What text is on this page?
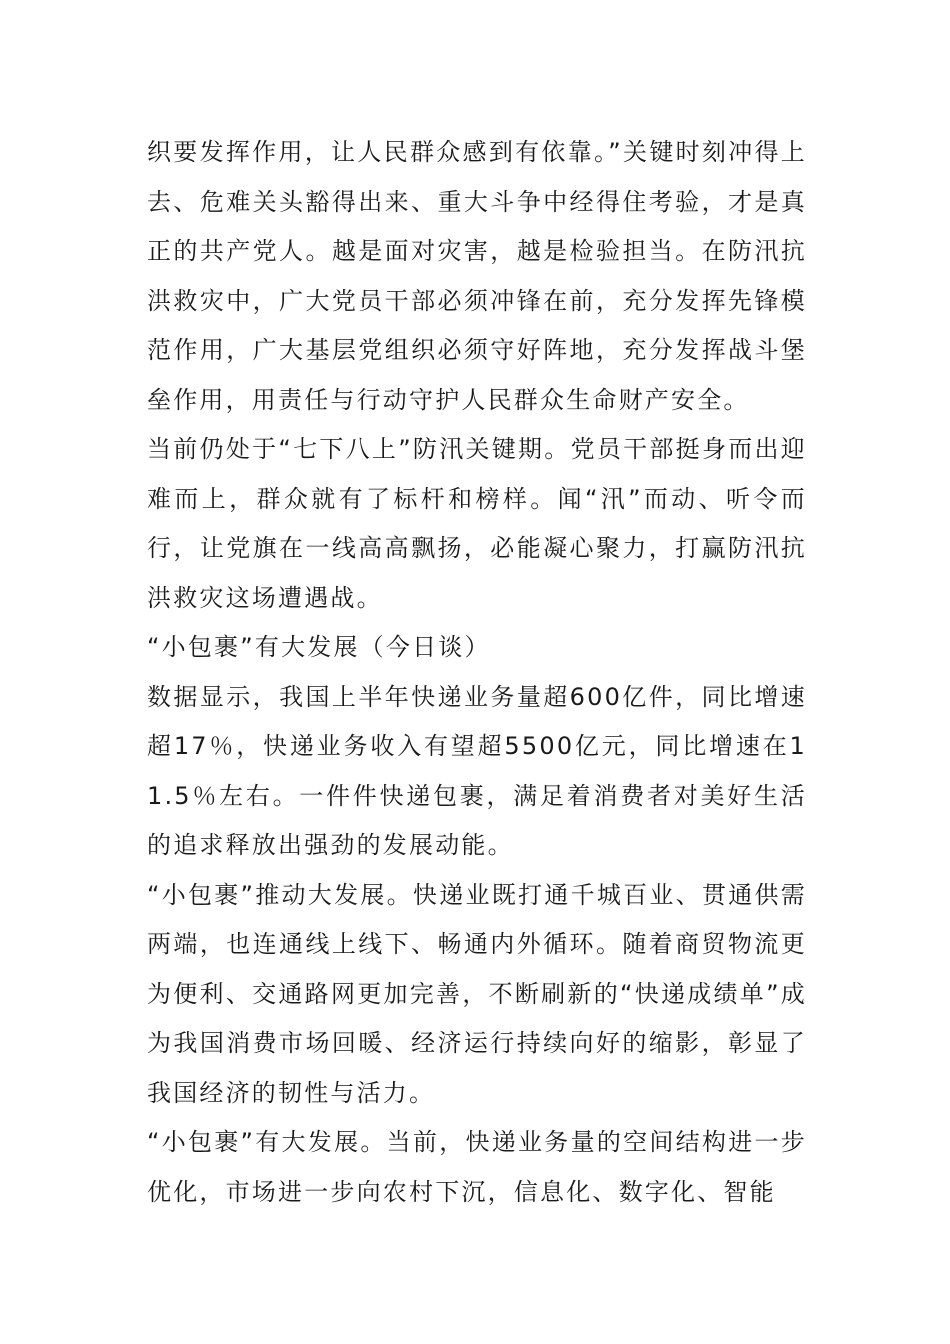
织要发挥作用，让人民群众感到有依靠。”关键时刻冲得上去、危难关头豁得出来、重大斗争中经得住考验，才是真正的共产党人。越是面对灾害，越是检验担当。在防汛抗洪救灾中，广大党员干部必须冲锋在前，充分发挥先锋模范作用，广大基层党组织必须守好阵地，充分发挥战斗堡垒作用，用责任与行动守护人民群众生命财产安全。

当前仍处于“七下八上”防汛关键期。党员干部挺身而出迎难而上，群众就有了标杆和榜样。闻“汛”而动、听令而行，让党旗在一线高高飘扬，必能凝心聚力，打赢防汛抗洪救灾这场遭遇战。

“小包裹”有大发展（今日谈）

数据显示，我国上半年快递业务量超600亿件，同比增速超17％，快递业务收入有望超5500亿元，同比增速在11.5％左右。一件件快递包裹，满足着消费者对美好生活的追求释放出强劲的发展动能。

“小包裹”推动大发展。快递业既打通千城百业、贯通供需两端，也连通线上线下、畅通内外循环。随着商贸物流更为便利、交通路网更加完善，不断刷新的“快递成绩单”成为我国消费市场回暖、经济运行持续向好的缩影，彰显了我国经济的韧性与活力。

“小包裹”有大发展。当前，快递业务量的空间结构进一步优化，市场进一步向农村下沉，信息化、数字化、智能
